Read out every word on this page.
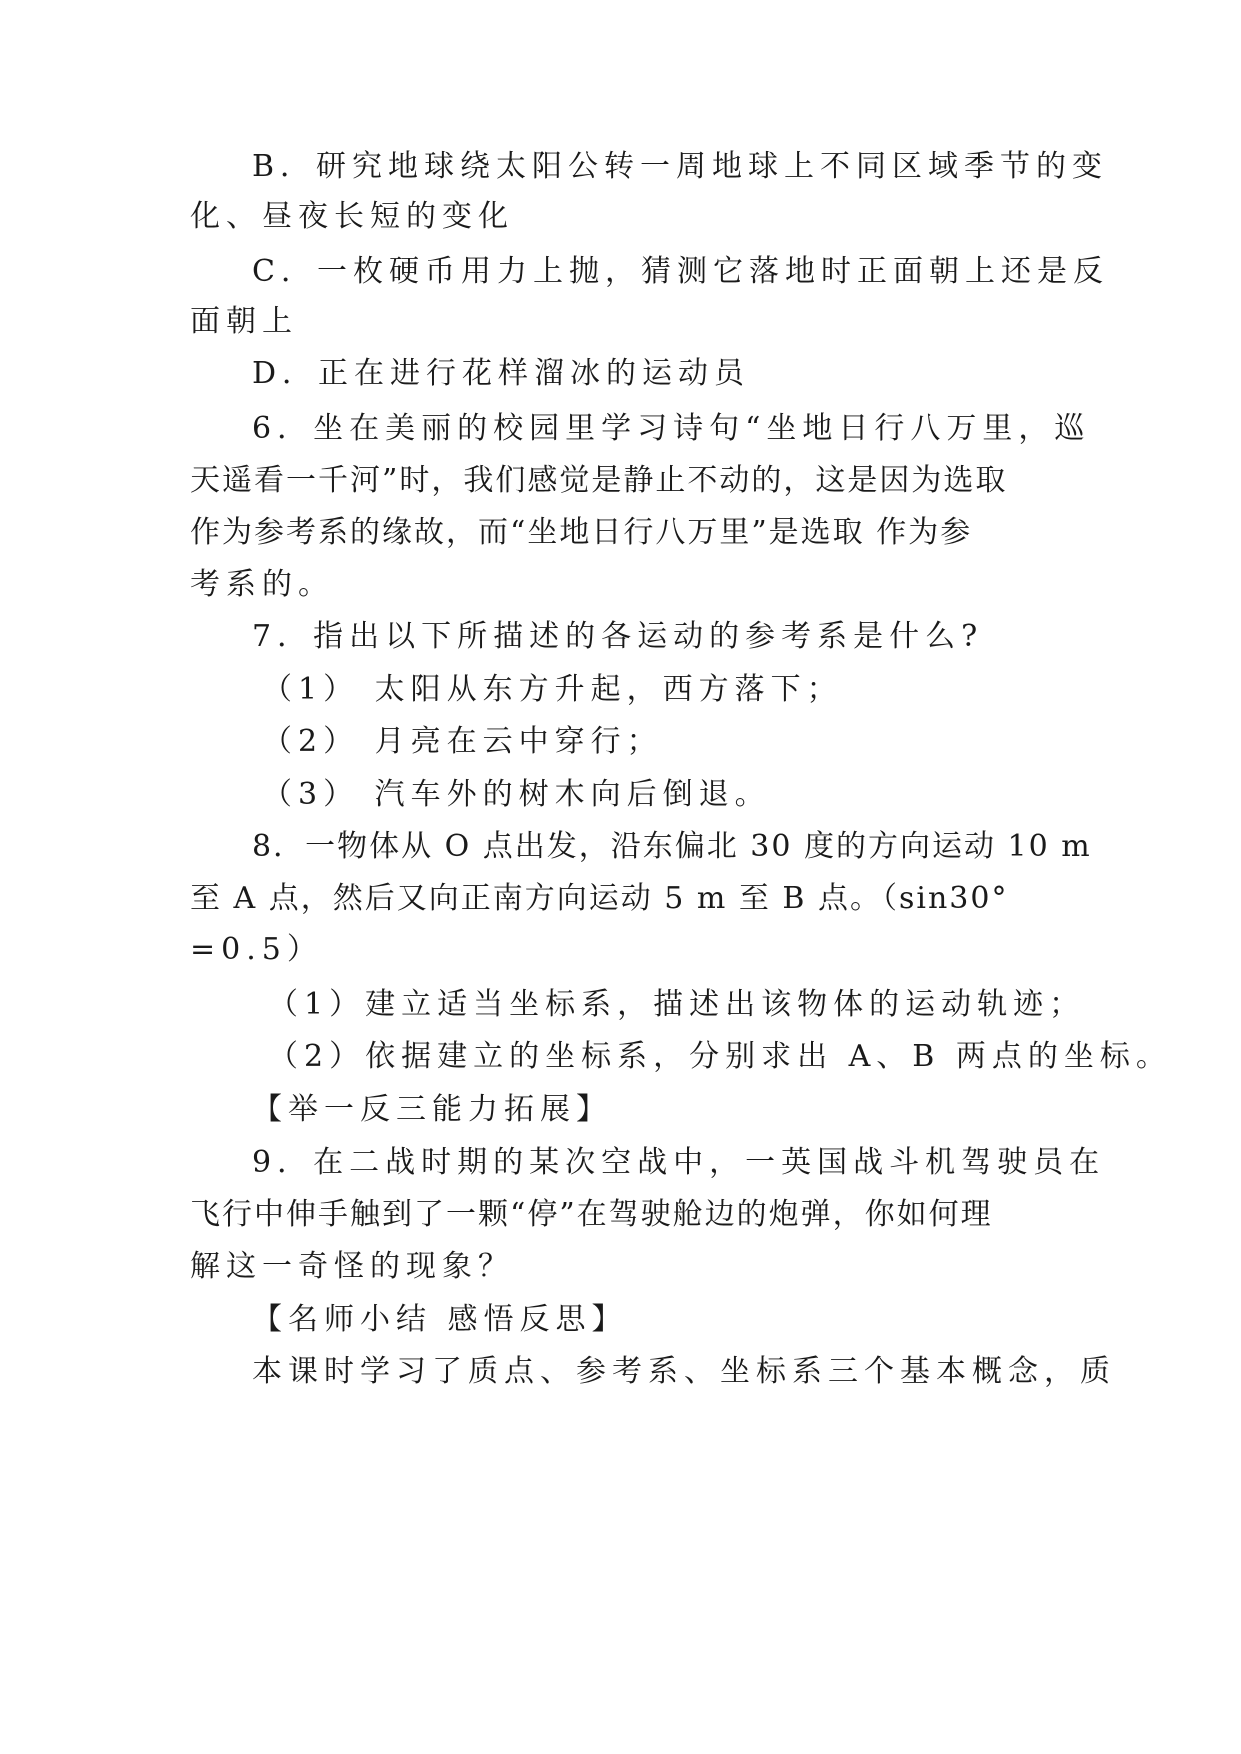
B．研究地球绕太阳公转一周地球上不同区域季节的变
化、昼夜长短的变化
C．一枚硬币用力上抛，猜测它落地时正面朝上还是反
面朝上
D．正在进行花样溜冰的运动员
6．坐在美丽的校园里学习诗句“坐地日行八万里，巡
天遥看一千河”时，我们感觉是静止不动的，这是因为选取
作为参考系的缘故，而“坐地日行八万里”是选取 作为参
考系的。
7．指出以下所描述的各运动的参考系是什么?
（1） 太阳从东方升起，西方落下；
（2） 月亮在云中穿行；
（3） 汽车外的树木向后倒退。
8．一物体从 O 点出发，沿东偏北 30 度的方向运动 10 m
至 A 点，然后又向正南方向运动 5 m 至 B 点。（sin30°
=0.5）
（1）建立适当坐标系，描述出该物体的运动轨迹；
（2）依据建立的坐标系，分别求出 A、B 两点的坐标。
【举一反三能力拓展】
9．在二战时期的某次空战中，一英国战斗机驾驶员在
飞行中伸手触到了一颗“停”在驾驶舱边的炮弹，你如何理
解这一奇怪的现象？
【名师小结 感悟反思】
本课时学习了质点、参考系、坐标系三个基本概念，质
